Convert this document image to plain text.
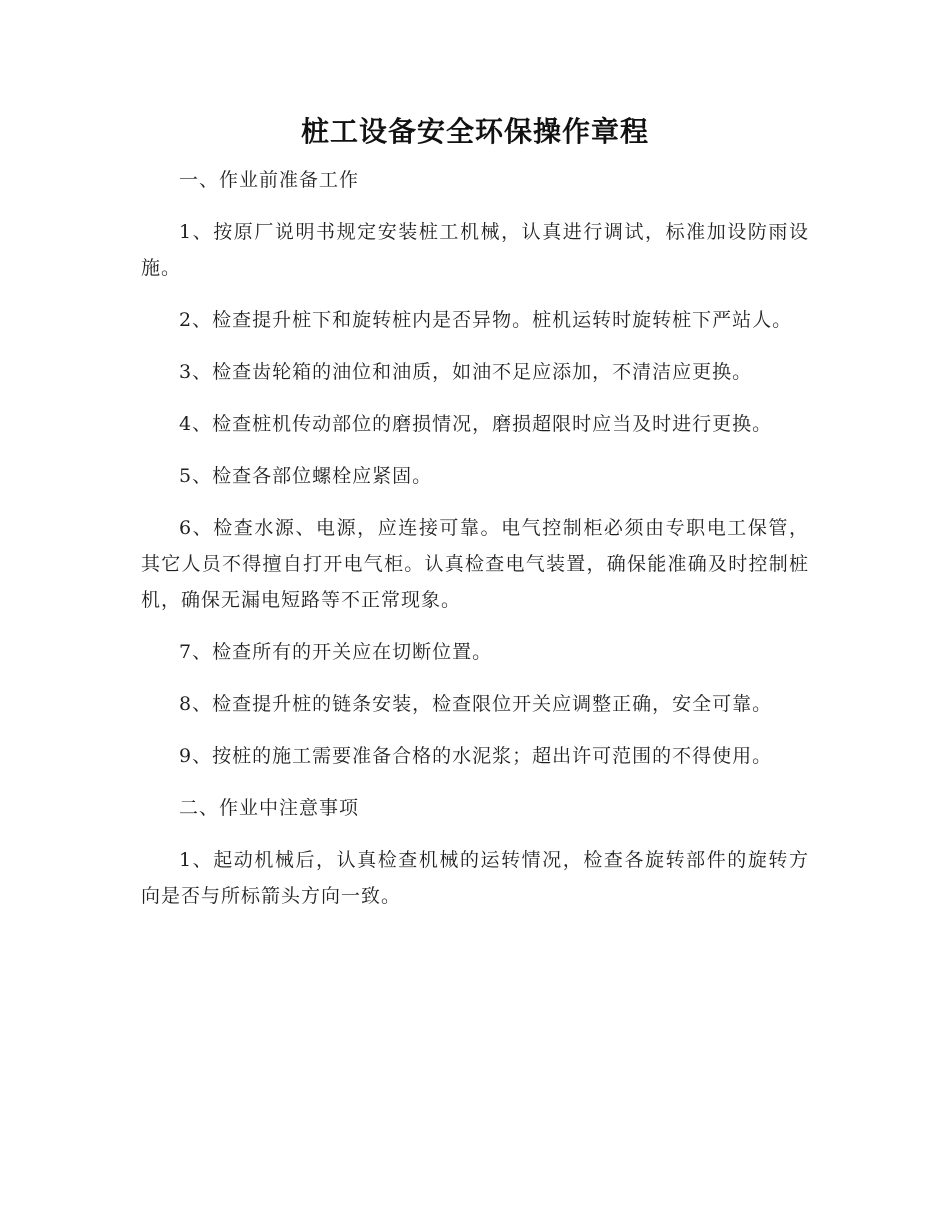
桩工设备安全环保操作章程

一、作业前准备工作

1、按原厂说明书规定安装桩工机械，认真进行调试，标准加设防雨设施。

2、检查提升桩下和旋转桩内是否异物。桩机运转时旋转桩下严站人。

3、检查齿轮箱的油位和油质，如油不足应添加，不清洁应更换。

4、检查桩机传动部位的磨损情况，磨损超限时应当及时进行更换。

5、检查各部位螺栓应紧固。

6、检查水源、电源，应连接可靠。电气控制柜必须由专职电工保管，其它人员不得擅自打开电气柜。认真检查电气装置，确保能准确及时控制桩机，确保无漏电短路等不正常现象。

7、检查所有的开关应在切断位置。

8、检查提升桩的链条安装，检查限位开关应调整正确，安全可靠。

9、按桩的施工需要准备合格的水泥浆；超出许可范围的不得使用。

二、作业中注意事项

1、起动机械后，认真检查机械的运转情况，检查各旋转部件的旋转方向是否与所标箭头方向一致。
